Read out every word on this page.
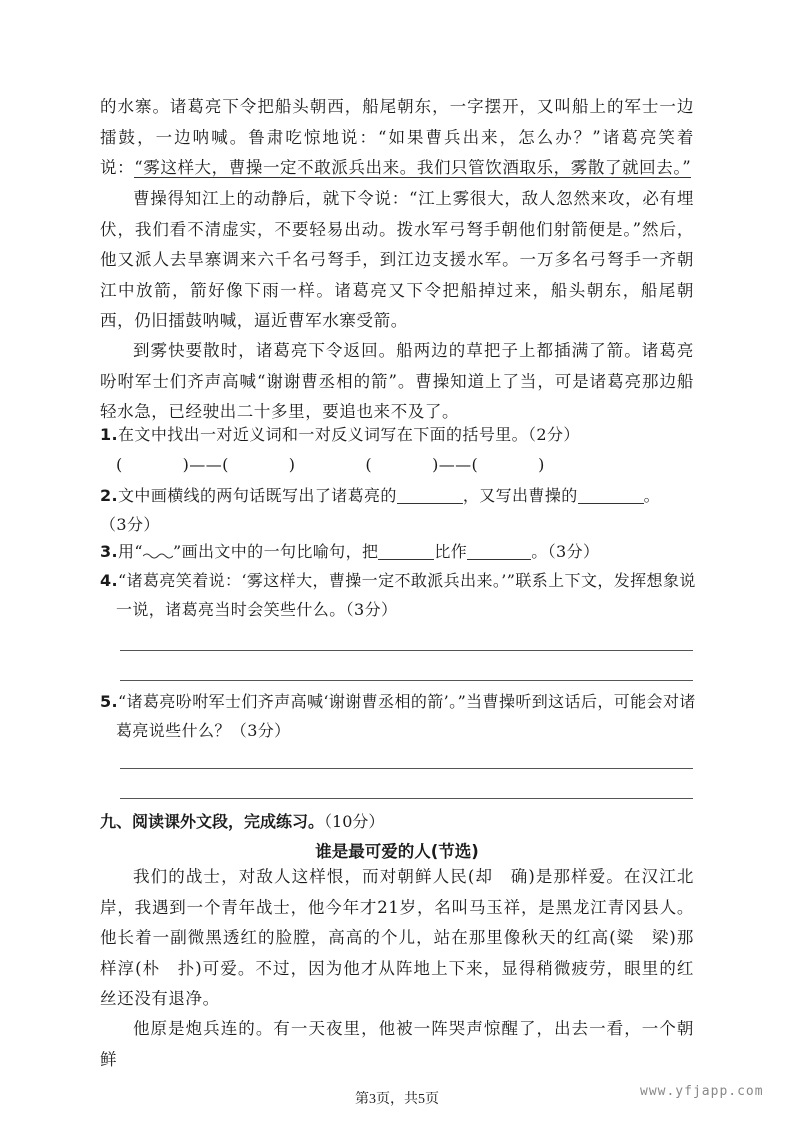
的水寨。诸葛亮下令把船头朝西，船尾朝东，一字摆开，又叫船上的军士一边擂鼓，一边呐喊。鲁肃吃惊地说：“如果曹兵出来，怎么办？”诸葛亮笑着说：“雾这样大，曹操一定不敢派兵出来。我们只管饮酒取乐，雾散了就回去。”

曹操得知江上的动静后，就下令说：“江上雾很大，敌人忽然来攻，必有埋伏，我们看不清虚实，不要轻易出动。拨水军弓弩手朝他们射箭便是。”然后，他又派人去旱寨调来六千名弓弩手，到江边支援水军。一万多名弓弩手一齐朝江中放箭，箭好像下雨一样。诸葛亮又下令把船掉过来，船头朝东，船尾朝西，仍旧擂鼓呐喊，逼近曹军水寨受箭。

到雾快要散时，诸葛亮下令返回。船两边的草把子上都插满了箭。诸葛亮吩咐军士们齐声高喊“谢谢曹丞相的箭”。曹操知道上了当，可是诸葛亮那边船轻水急，已经驶出二十多里，要追也来不及了。

1.在文中找出一对近义词和一对反义词写在下面的括号里。（2分）

(	)——(	)	(	)——(	)

2.文中画横线的两句话既写出了诸葛亮的	，又写出曹操的	。

（3分）

3.用“ ”画出文中的一句比喻句，把	比作	。（3分）

4.“诸葛亮笑着说：‘雾这样大，曹操一定不敢派兵出来。’”联系上下文，发挥想象说一说，诸葛亮当时会笑些什么。（3分）

5.“诸葛亮吩咐军士们齐声高喊‘谢谢曹丞相的箭’。”当曹操听到这话后，可能会对诸葛亮说些什么？（3分）

九、阅读课外文段，完成练习。（10分）

谁是最可爱的人(节选)

我们的战士，对敌人这样恨，而对朝鲜人民(却　确)是那样爱。在汉江北岸，我遇到一个青年战士，他今年才21岁，名叫马玉祥，是黑龙江青冈县人。他长着一副微黑透红的脸膛，高高的个儿，站在那里像秋天的红高(粱　梁)那样淳(朴　扑)可爱。不过，因为他才从阵地上下来，显得稍微疲劳，眼里的红丝还没有退净。

他原是炮兵连的。有一天夜里，他被一阵哭声惊醒了，出去一看，一个朝鲜

第3页，共5页
www.yfjapp.com
